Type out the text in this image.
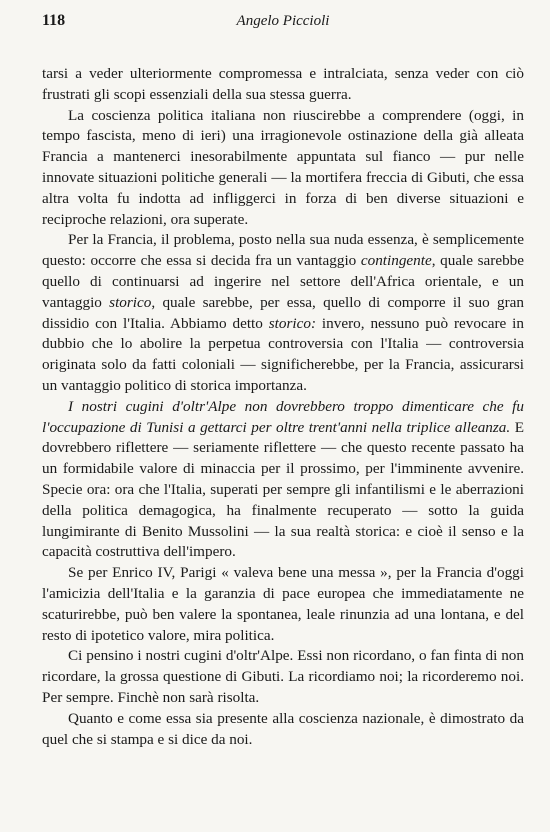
118	Angelo Piccioli

tarsi a veder ulteriormente compromessa e intralciata, senza veder con ciò frustrati gli scopi essenziali della sua stessa guerra.

La coscienza politica italiana non riuscirebbe a comprendere (oggi, in tempo fascista, meno di ieri) una irragionevole ostinazione della già alleata Francia a mantenerci inesorabilmente appuntata sul fianco — pur nelle innovate situazioni politiche generali — la mortifera freccia di Gibuti, che essa altra volta fu indotta ad infliggerci in forza di ben diverse situazioni e reciproche relazioni, ora superate.

Per la Francia, il problema, posto nella sua nuda essenza, è semplicemente questo: occorre che essa si decida fra un vantaggio contingente, quale sarebbe quello di continuarsi ad ingerire nel settore dell'Africa orientale, e un vantaggio storico, quale sarebbe, per essa, quello di comporre il suo gran dissidio con l'Italia. Abbiamo detto storico: invero, nessuno può revocare in dubbio che lo abolire la perpetua controversia con l'Italia — controversia originata solo da fatti coloniali — significherebbe, per la Francia, assicurarsi un vantaggio politico di storica importanza.

I nostri cugini d'oltr'Alpe non dovrebbero troppo dimenticare che fu l'occupazione di Tunisi a gettarci per oltre trent'anni nella triplice alleanza. E dovrebbero riflettere — seriamente riflettere — che questo recente passato ha un formidabile valore di minaccia per il prossimo, per l'imminente avvenire. Specie ora: ora che l'Italia, superati per sempre gli infantilismi e le aberrazioni della politica demagogica, ha finalmente recuperato — sotto la guida lungimirante di Benito Mussolini — la sua realtà storica: e cioè il senso e la capacità costruttiva dell'impero.

Se per Enrico IV, Parigi « valeva bene una messa », per la Francia d'oggi l'amicizia dell'Italia e la garanzia di pace europea che immediatamente ne scaturirebbe, può ben valere la spontanea, leale rinunzia ad una lontana, e del resto di ipotetico valore, mira politica.

Ci pensino i nostri cugini d'oltr'Alpe. Essi non ricordano, o fan finta di non ricordare, la grossa questione di Gibuti. La ricordiamo noi; la ricorderemo noi. Per sempre. Finchè non sarà risolta.

Quanto e come essa sia presente alla coscienza nazionale, è dimostrato da quel che si stampa e si dice da noi.
